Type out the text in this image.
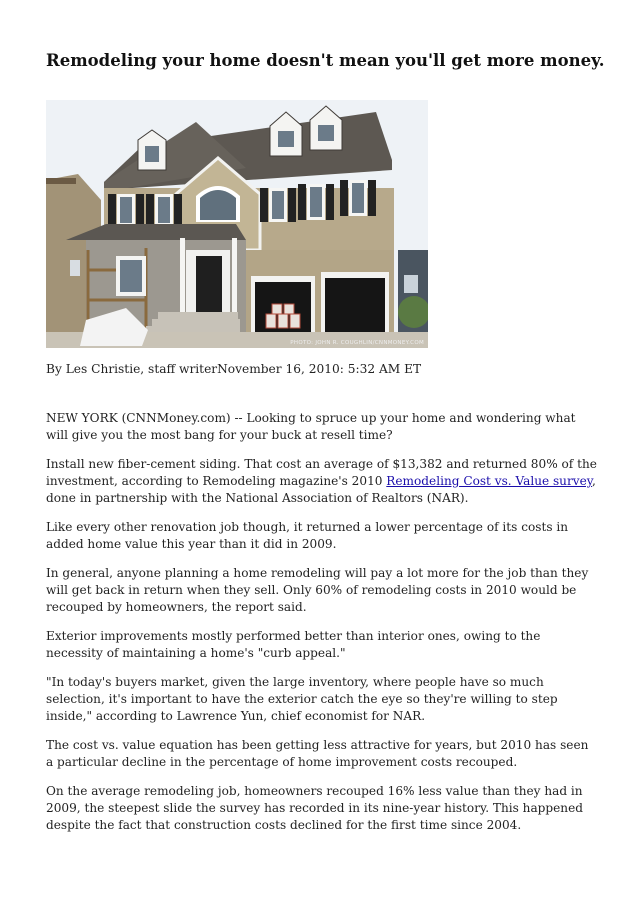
Remodeling your home doesn't mean you'll get more money.
PHOTO: JOHN R. COUGHLIN/CNNMONEY.COM
By Les Christie, staff writerNovember 16, 2010: 5:32 AM ET

NEW YORK (CNNMoney.com) -- Looking to spruce up your home and wondering what will give you the most bang for your buck at resell time?

Install new fiber-cement siding. That cost an average of $13,382 and returned 80% of the investment, according to Remodeling magazine's 2010 Remodeling Cost vs. Value survey, done in partnership with the National Association of Realtors (NAR).

Like every other renovation job though, it returned a lower percentage of its costs in added home value this year than it did in 2009.

In general, anyone planning a home remodeling will pay a lot more for the job than they will get back in return when they sell. Only 60% of remodeling costs in 2010 would be recouped by homeowners, the report said.

Exterior improvements mostly performed better than interior ones, owing to the necessity of maintaining a home's "curb appeal."

"In today's buyers market, given the large inventory, where people have so much selection, it's important to have the exterior catch the eye so they're willing to step inside," according to Lawrence Yun, chief economist for NAR.

The cost vs. value equation has been getting less attractive for years, but 2010 has seen a particular decline in the percentage of home improvement costs recouped.

On the average remodeling job, homeowners recouped 16% less value than they had in 2009, the steepest slide the survey has recorded in its nine-year history. This happened despite the fact that construction costs declined for the first time since 2004.
